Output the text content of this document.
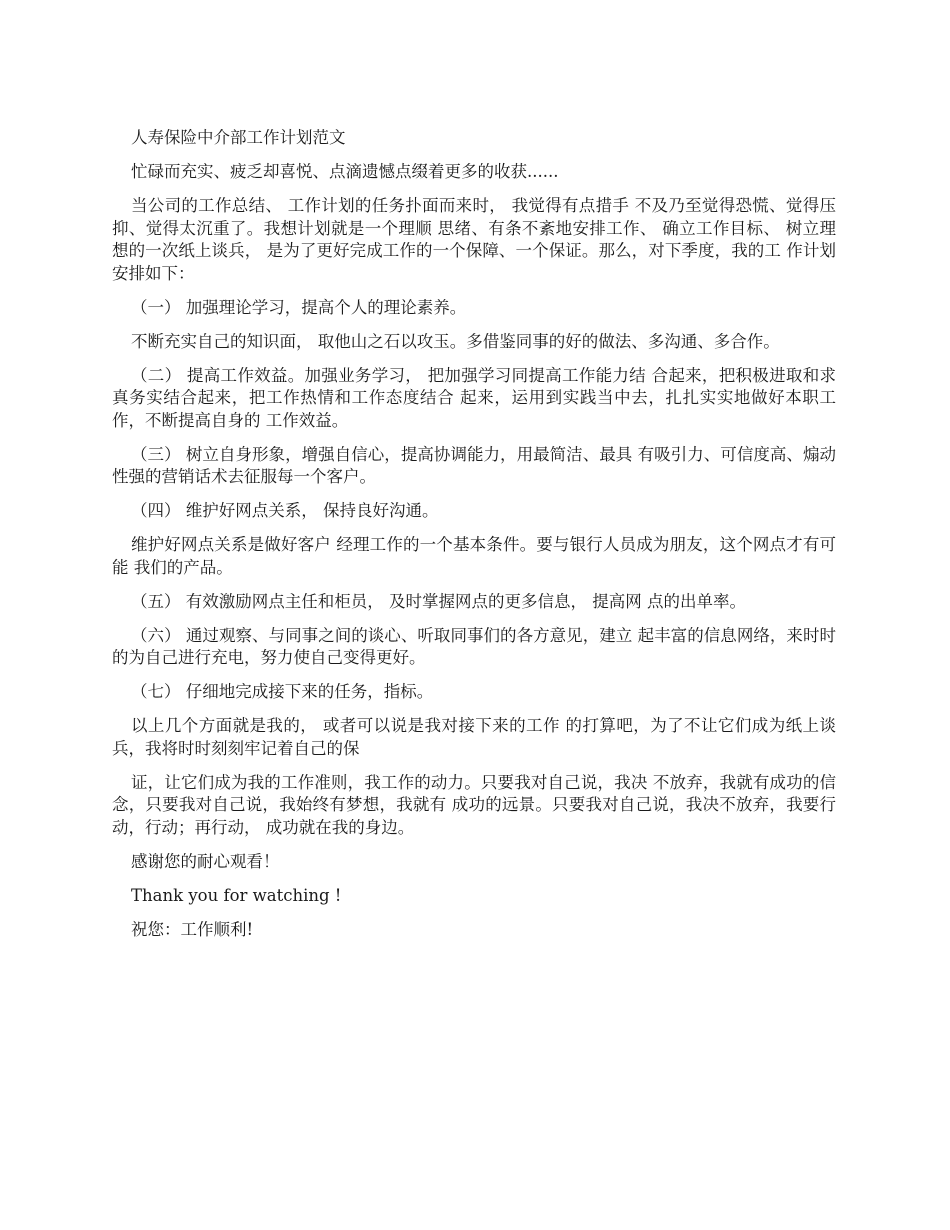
人寿保险中介部工作计划范文

忙碌而充实、疲乏却喜悦、点滴遗憾点缀着更多的收获......

当公司的工作总结、 工作计划的任务扑面而来时， 我觉得有点措手 不及乃至觉得恐慌、觉得压抑、觉得太沉重了。我想计划就是一个理顺 思绪、有条不紊地安排工作、 确立工作目标、 树立理想的一次纸上谈兵， 是为了更好完成工作的一个保障、一个保证。那么，对下季度，我的工 作计划安排如下：

（一） 加强理论学习，提高个人的理论素养。

不断充实自己的知识面， 取他山之石以攻玉。多借鉴同事的好的做法、多沟通、多合作。

（二） 提高工作效益。加强业务学习， 把加强学习同提高工作能力结 合起来，把积极进取和求真务实结合起来，把工作热情和工作态度结合 起来，运用到实践当中去，扎扎实实地做好本职工作，不断提高自身的 工作效益。

（三） 树立自身形象，增强自信心，提高协调能力，用最简洁、最具 有吸引力、可信度高、煽动性强的营销话术去征服每一个客户。

（四） 维护好网点关系， 保持良好沟通。

维护好网点关系是做好客户 经理工作的一个基本条件。要与银行人员成为朋友，这个网点才有可能 我们的产品。

（五） 有效激励网点主任和柜员， 及时掌握网点的更多信息， 提高网 点的出单率。

（六） 通过观察、与同事之间的谈心、听取同事们的各方意见，建立 起丰富的信息网络，来时时的为自己进行充电，努力使自己变得更好。

（七） 仔细地完成接下来的任务，指标。

以上几个方面就是我的， 或者可以说是我对接下来的工作 的打算吧，为了不让它们成为纸上谈兵，我将时时刻刻牢记着自己的保

证，让它们成为我的工作准则，我工作的动力。只要我对自己说，我决 不放弃，我就有成功的信念，只要我对自己说，我始终有梦想，我就有 成功的远景。只要我对自己说，我决不放弃，我要行动，行动；再行动， 成功就在我的身边。

感谢您的耐心观看！

Thank you for watching !

祝您：工作顺利!
